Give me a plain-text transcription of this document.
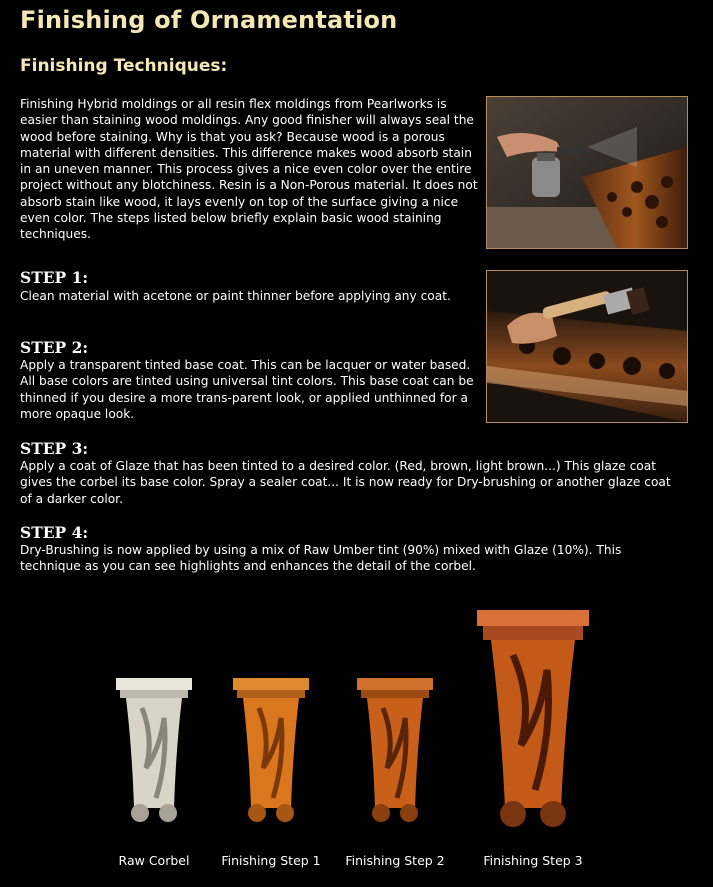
Finishing of Ornamentation
Finishing Techniques:

Finishing Hybrid moldings or all resin flex moldings from Pearlworks is easier than staining wood moldings. Any good finisher will always seal the wood before staining. Why is that you ask? Because wood is a porous material with different densities. This difference makes wood absorb stain in an uneven manner. This process gives a nice even color over the entire project without any blotchiness. Resin is a Non-Porous material. It does not absorb stain like wood, it lays evenly on top of the surface giving a nice even color. The steps listed below briefly explain basic wood staining techniques.

STEP 1:

Clean material with acetone or paint thinner before applying any coat.

STEP 2:

Apply a transparent tinted base coat. This can be lacquer or water based. All base colors are tinted using universal tint colors. This base coat can be thinned if you desire a more trans-parent look, or applied unthinned for a more opaque look.

STEP 3:

Apply a coat of Glaze that has been tinted to a desired color. (Red, brown, light brown...) This glaze coat gives the corbel its base color. Spray a sealer coat... It is now ready for Dry-brushing or another glaze coat of a darker color.

STEP 4:

Dry-Brushing is now applied by using a mix of Raw Umber tint (90%) mixed with Glaze (10%). This technique as you can see highlights and enhances the detail of the corbel.

Raw Corbel	Finishing Step 1 Finishing Step 2	Finishing Step 3
